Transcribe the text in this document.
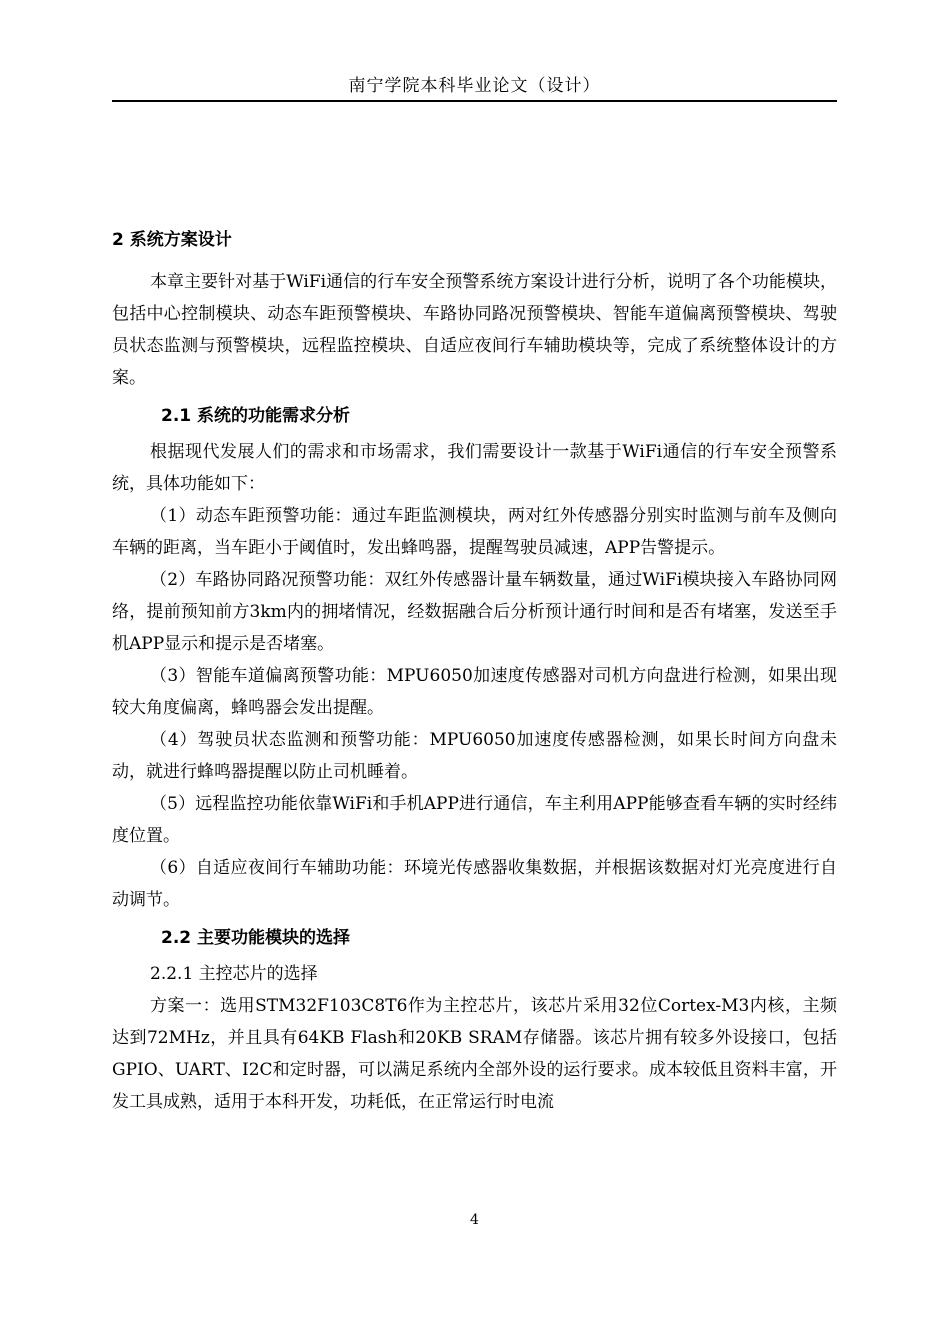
南宁学院本科毕业论文（设计）
2 系统方案设计

本章主要针对基于WiFi通信的行车安全预警系统方案设计进行分析，说明了各个功能模块，包括中心控制模块、动态车距预警模块、车路协同路况预警模块、智能车道偏离预警模块、驾驶员状态监测与预警模块，远程监控模块、自适应夜间行车辅助模块等，完成了系统整体设计的方案。

2.1 系统的功能需求分析

根据现代发展人们的需求和市场需求，我们需要设计一款基于WiFi通信的行车安全预警系统，具体功能如下：

（1）动态车距预警功能：通过车距监测模块，两对红外传感器分别实时监测与前车及侧向车辆的距离，当车距小于阈值时，发出蜂鸣器，提醒驾驶员减速，APP告警提示。

（2）车路协同路况预警功能：双红外传感器计量车辆数量，通过WiFi模块接入车路协同网络，提前预知前方3km内的拥堵情况，经数据融合后分析预计通行时间和是否有堵塞，发送至手机APP显示和提示是否堵塞。

（3）智能车道偏离预警功能：MPU6050加速度传感器对司机方向盘进行检测，如果出现较大角度偏离，蜂鸣器会发出提醒。

（4）驾驶员状态监测和预警功能：MPU6050加速度传感器检测，如果长时间方向盘未动，就进行蜂鸣器提醒以防止司机睡着。

（5）远程监控功能依靠WiFi和手机APP进行通信，车主利用APP能够查看车辆的实时经纬度位置。

（6）自适应夜间行车辅助功能：环境光传感器收集数据，并根据该数据对灯光亮度进行自动调节。

2.2 主要功能模块的选择
2.2.1 主控芯片的选择

方案一：选用STM32F103C8T6作为主控芯片，该芯片采用32位Cortex-M3内核，主频达到72MHz，并且具有64KB Flash和20KB SRAM存储器。该芯片拥有较多外设接口，包括GPIO、UART、I2C和定时器，可以满足系统内全部外设的运行要求。成本较低且资料丰富，开发工具成熟，适用于本科开发，功耗低，在正常运行时电流

4
